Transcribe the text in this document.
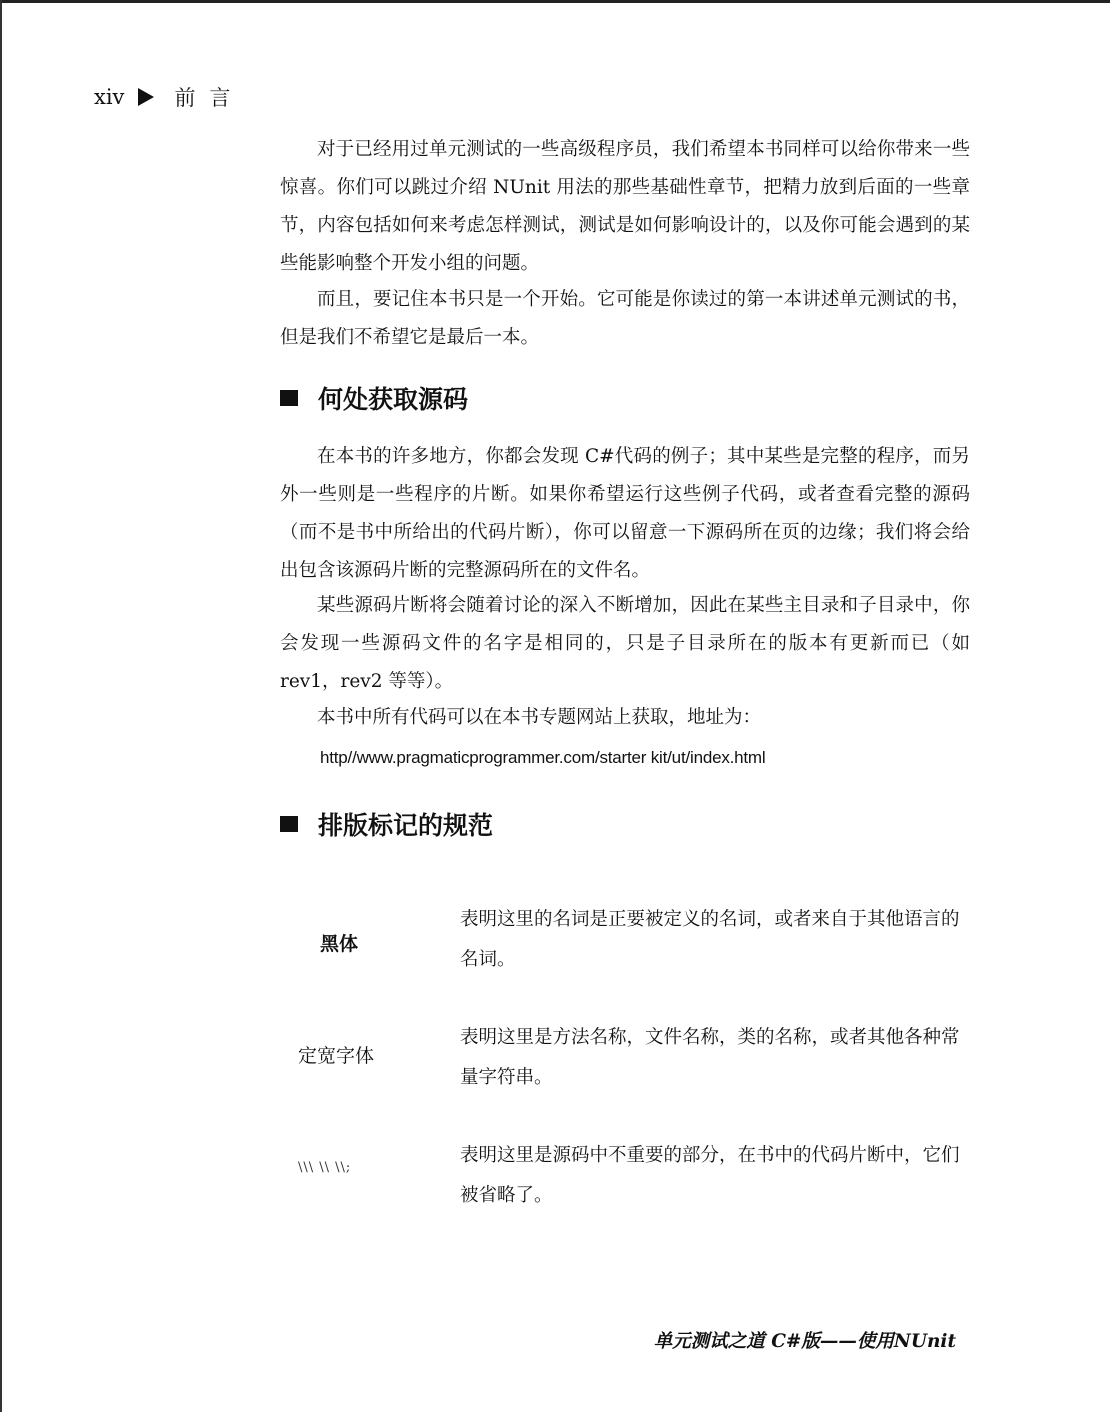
xiv 前言

对于已经用过单元测试的一些高级程序员，我们希望本书同样可以给你带来一些惊喜。你们可以跳过介绍 NUnit 用法的那些基础性章节，把精力放到后面的一些章节，内容包括如何来考虑怎样测试，测试是如何影响设计的，以及你可能会遇到的某些能影响整个开发小组的问题。

而且，要记住本书只是一个开始。它可能是你读过的第一本讲述单元测试的书，但是我们不希望它是最后一本。

何处获取源码

在本书的许多地方，你都会发现 C#代码的例子；其中某些是完整的程序，而另外一些则是一些程序的片断。如果你希望运行这些例子代码，或者查看完整的源码（而不是书中所给出的代码片断），你可以留意一下源码所在页的边缘；我们将会给出包含该源码片断的完整源码所在的文件名。

某些源码片断将会随着讨论的深入不断增加，因此在某些主目录和子目录中，你会发现一些源码文件的名字是相同的，只是子目录所在的版本有更新而已（如 rev1，rev2 等等）。

本书中所有代码可以在本书专题网站上获取，地址为：

http//www.pragmaticprogrammer.com/starter kit/ut/index.html
排版标记的规范
黑体

表明这里的名词是正要被定义的名词，或者来自于其他语言的名词。

定宽字体

表明这里是方法名称，文件名称，类的名称，或者其他各种常量字符串。

\\\ \\ \\;

表明这里是源码中不重要的部分，在书中的代码片断中，它们被省略了。

单元测试之道 C#版——使用NUnit
